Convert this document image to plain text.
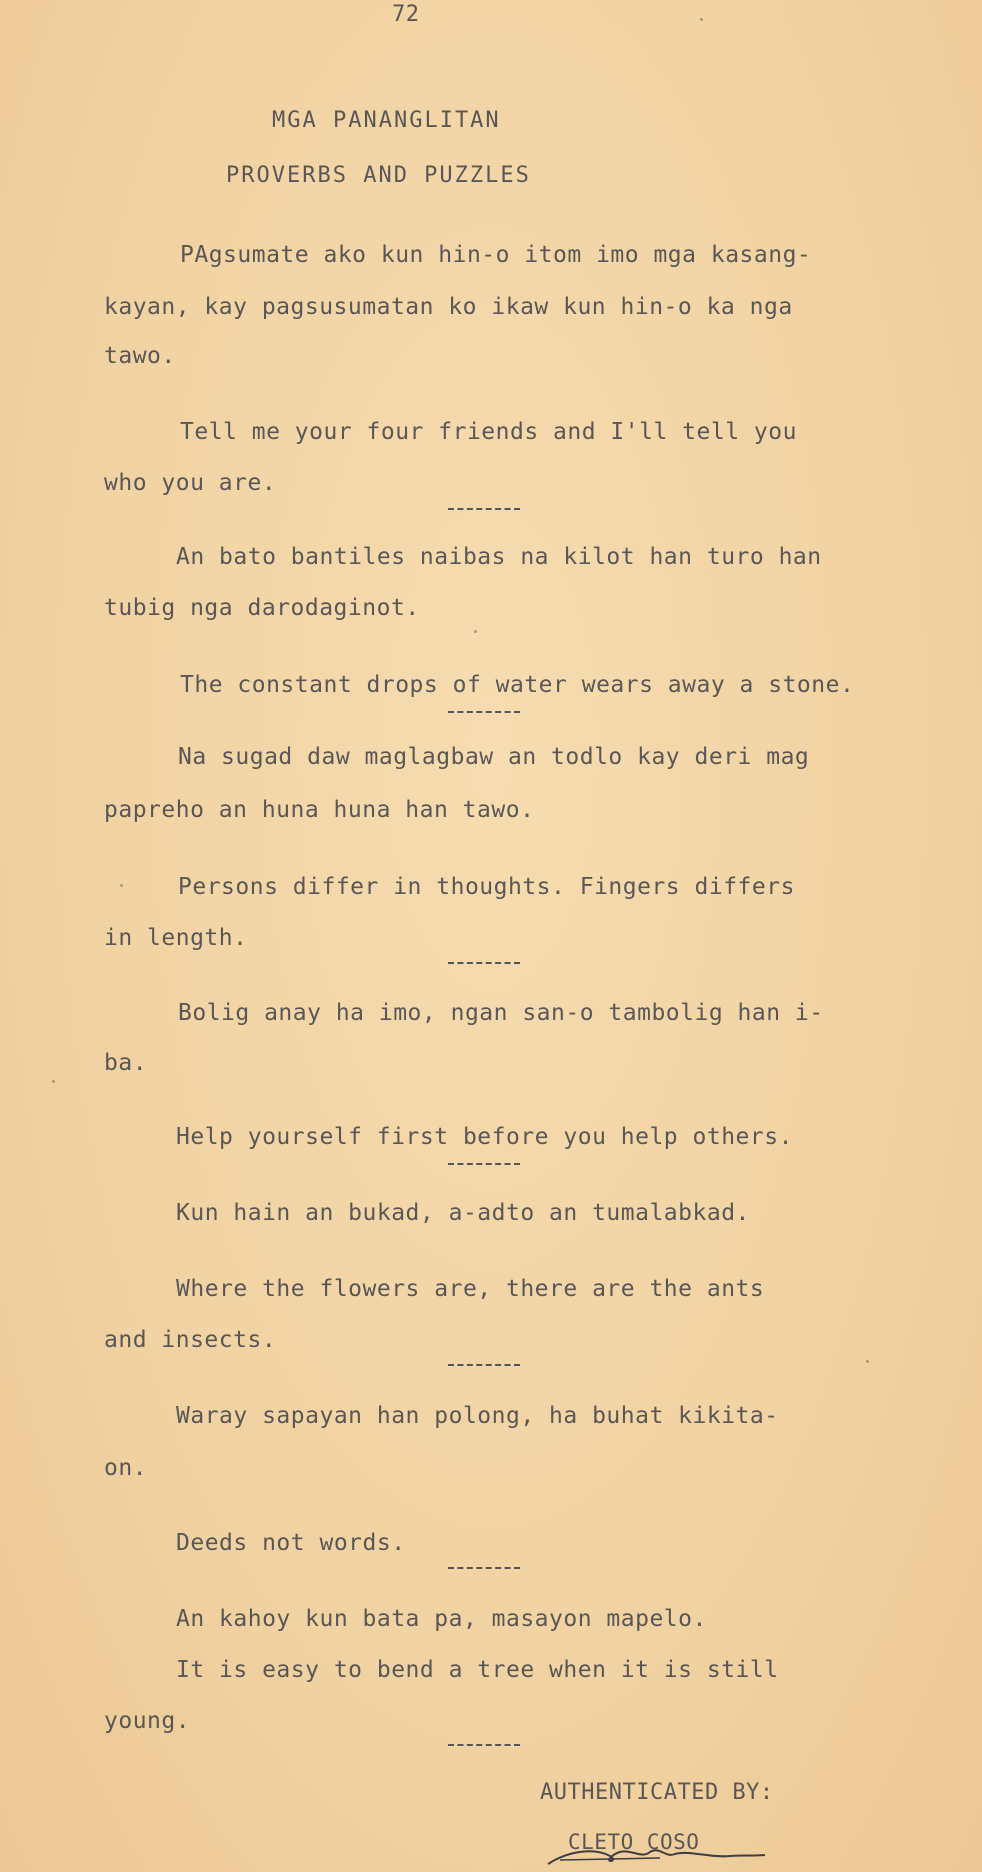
72
MGA PANANGLITAN
PROVERBS AND PUZZLES
PAgsumate ako kun hin-o itom imo mga kasang-
kayan, kay pagsusumatan ko ikaw kun hin-o ka nga
tawo.
Tell me your four friends and I'll tell you
who you are.
An bato bantiles naibas na kilot han turo han
tubig nga darodaginot.
The constant drops of water wears away a stone.
Na sugad daw maglagbaw an todlo kay deri mag
papreho an huna huna han tawo.
Persons differ in thoughts. Fingers differs
in length.
Bolig anay ha imo, ngan san-o tambolig han i-
ba.
Help yourself first before you help others.
Kun hain an bukad, a-adto an tumalabkad.
Where the flowers are, there are the ants
and insects.
Waray sapayan han polong, ha buhat kikita-
on.
Deeds not words.
An kahoy kun bata pa, masayon mapelo.
It is easy to bend a tree when it is still
young.
AUTHENTICATED BY:
CLETO COSO
